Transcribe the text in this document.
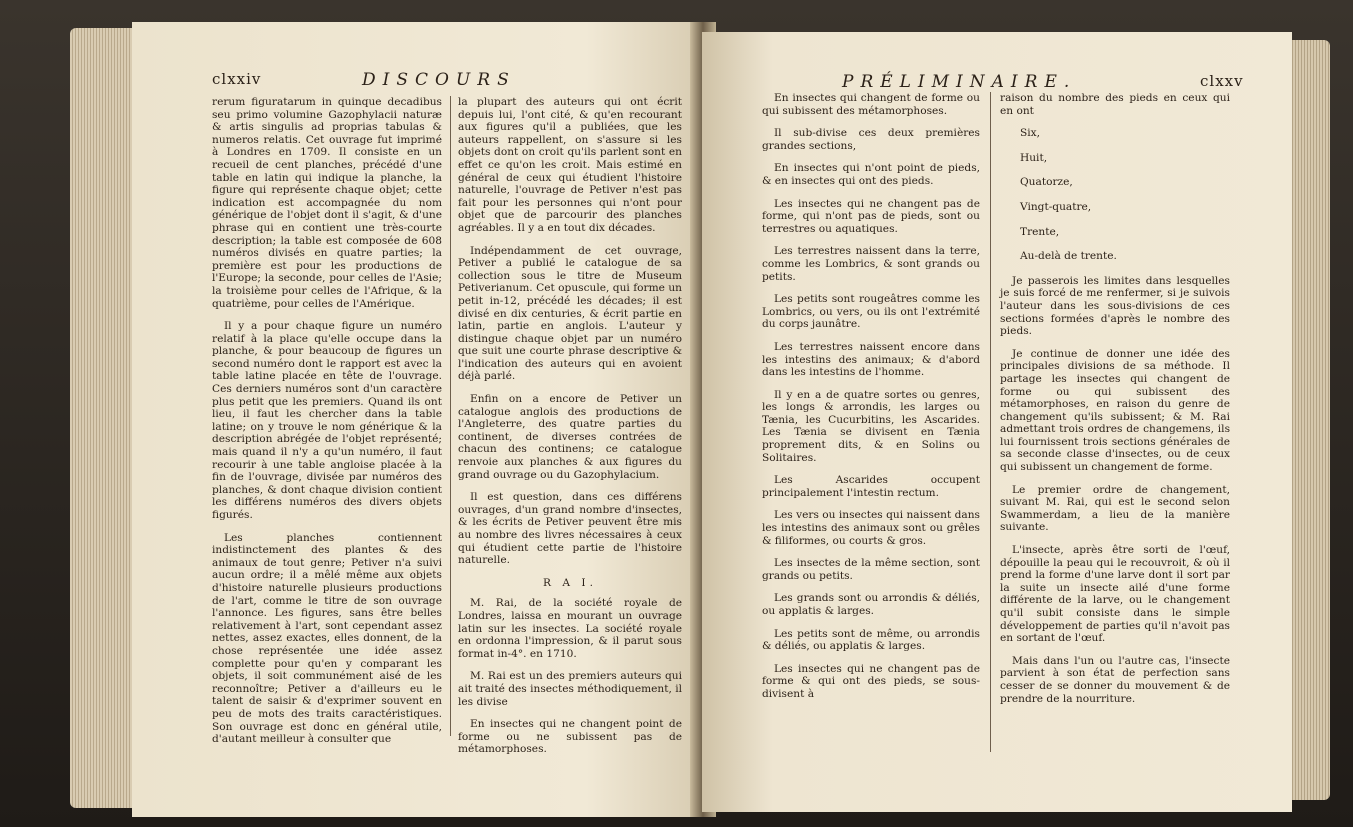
clxxiv	DISCOURS

rerum figuratarum in quinque decadibus seu primo volumine Gazophylacii naturæ & artis singulis ad proprias tabulas & numeros relatis. Cet ouvrage fut imprimé à Londres en 1709. Il consiste en un recueil de cent planches, précédé d'une table en latin qui indique la planche, la figure qui représente chaque objet; cette indication est accompagnée du nom générique de l'objet dont il s'agit, & d'une phrase qui en contient une très-courte description; la table est composée de 608 numéros divisés en quatre parties; la première est pour les productions de l'Europe; la seconde, pour celles de l'Asie; la troisième pour celles de l'Afrique, & la quatrième, pour celles de l'Amérique.

Il y a pour chaque figure un numéro relatif à la place qu'elle occupe dans la planche, & pour beaucoup de figures un second numéro dont le rapport est avec la table latine placée en tête de l'ouvrage. Ces derniers numéros sont d'un caractère plus petit que les premiers. Quand ils ont lieu, il faut les chercher dans la table latine; on y trouve le nom générique & la description abrégée de l'objet représenté; mais quand il n'y a qu'un numéro, il faut recourir à une table angloise placée à la fin de l'ouvrage, divisée par numéros des planches, & dont chaque division contient les différens numéros des divers objets figurés.

Les planches contiennent indistinctement des plantes & des animaux de tout genre; Petiver n'a suivi aucun ordre; il a mêlé même aux objets d'histoire naturelle plusieurs productions de l'art, comme le titre de son ouvrage l'annonce. Les figures, sans être belles relativement à l'art, sont cependant assez nettes, assez exactes, elles donnent, de la chose représentée une idée assez complette pour qu'en y comparant les objets, il soit communément aisé de les reconnoître; Petiver a d'ailleurs eu le talent de saisir & d'exprimer souvent en peu de mots des traits caractéristiques. Son ouvrage est donc en général utile, d'autant meilleur à consulter que

la plupart des auteurs qui ont écrit depuis lui, l'ont cité, & qu'en recourant aux figures qu'il a publiées, que les auteurs rappellent, on s'assure si les objets dont on croit qu'ils parlent sont en effet ce qu'on les croit. Mais estimé en général de ceux qui étudient l'histoire naturelle, l'ouvrage de Petiver n'est pas fait pour les personnes qui n'ont pour objet que de parcourir des planches agréables. Il y a en tout dix décades.

Indépendamment de cet ouvrage, Petiver a publié le catalogue de sa collection sous le titre de Museum Petiverianum. Cet opuscule, qui forme un petit in-12, précédé les décades; il est divisé en dix centuries, & écrit partie en latin, partie en anglois. L'auteur y distingue chaque objet par un numéro que suit une courte phrase descriptive & l'indication des auteurs qui en avoient déjà parlé.

Enfin on a encore de Petiver un catalogue anglois des productions de l'Angleterre, des quatre parties du continent, de diverses contrées de chacun des continens; ce catalogue renvoie aux planches & aux figures du grand ouvrage ou du Gazophylacium.

Il est question, dans ces différens ouvrages, d'un grand nombre d'insectes, & les écrits de Petiver peuvent être mis au nombre des livres nécessaires à ceux qui étudient cette partie de l'histoire naturelle.

R A I.

M. Rai, de la société royale de Londres, laissa en mourant un ouvrage latin sur les insectes. La société royale en ordonna l'impression, & il parut sous format in-4°. en 1710.

M. Rai est un des premiers auteurs qui ait traité des insectes méthodiquement, il les divise

En insectes qui ne changent point de forme ou ne subissent pas de métamorphoses.

PRÉLIMINAIRE.	clxxv

En insectes qui changent de forme ou qui subissent des métamorphoses.

Il sub-divise ces deux premières grandes sections,

En insectes qui n'ont point de pieds, & en insectes qui ont des pieds.

Les insectes qui ne changent pas de forme, qui n'ont pas de pieds, sont ou terrestres ou aquatiques.

Les terrestres naissent dans la terre, comme les Lombrics, & sont grands ou petits.

Les petits sont rougeâtres comme les Lombrics, ou vers, ou ils ont l'extrémité du corps jaunâtre.

Les terrestres naissent encore dans les intestins des animaux; & d'abord dans les intestins de l'homme.

Il y en a de quatre sortes ou genres, les longs & arrondis, les larges ou Tænia, les Cucurbitins, les Ascarides. Les Tænia se divisent en Tænia proprement dits, & en Solins ou Solitaires.

Les Ascarides occupent principalement l'intestin rectum.

Les vers ou insectes qui naissent dans les intestins des animaux sont ou grêles & filiformes, ou courts & gros.

Les insectes de la même section, sont grands ou petits.

Les grands sont ou arrondis & déliés, ou applatis & larges.

Les petits sont de même, ou arrondis & déliés, ou applatis & larges.

Les insectes qui ne changent pas de forme & qui ont des pieds, se sous-divisent à

raison du nombre des pieds en ceux qui en ont

Six,

Huit,

Quatorze,

Vingt-quatre,

Trente,

Au-delà de trente.

Je passerois les limites dans lesquelles je suis forcé de me renfermer, si je suivois l'auteur dans les sous-divisions de ces sections formées d'après le nombre des pieds.

Je continue de donner une idée des principales divisions de sa méthode. Il partage les insectes qui changent de forme ou qui subissent des métamorphoses, en raison du genre de changement qu'ils subissent; & M. Rai admettant trois ordres de changemens, ils lui fournissent trois sections générales de sa seconde classe d'insectes, ou de ceux qui subissent un changement de forme.

Le premier ordre de changement, suivant M. Rai, qui est le second selon Swammerdam, a lieu de la manière suivante.

L'insecte, après être sorti de l'œuf, dépouille la peau qui le recouvroit, & où il prend la forme d'une larve dont il sort par la suite un insecte ailé d'une forme différente de la larve, ou le changement qu'il subit consiste dans le simple développement de parties qu'il n'avoit pas en sortant de l'œuf.

Mais dans l'un ou l'autre cas, l'insecte parvient à son état de perfection sans cesser de se donner du mouvement & de prendre de la nourriture.
